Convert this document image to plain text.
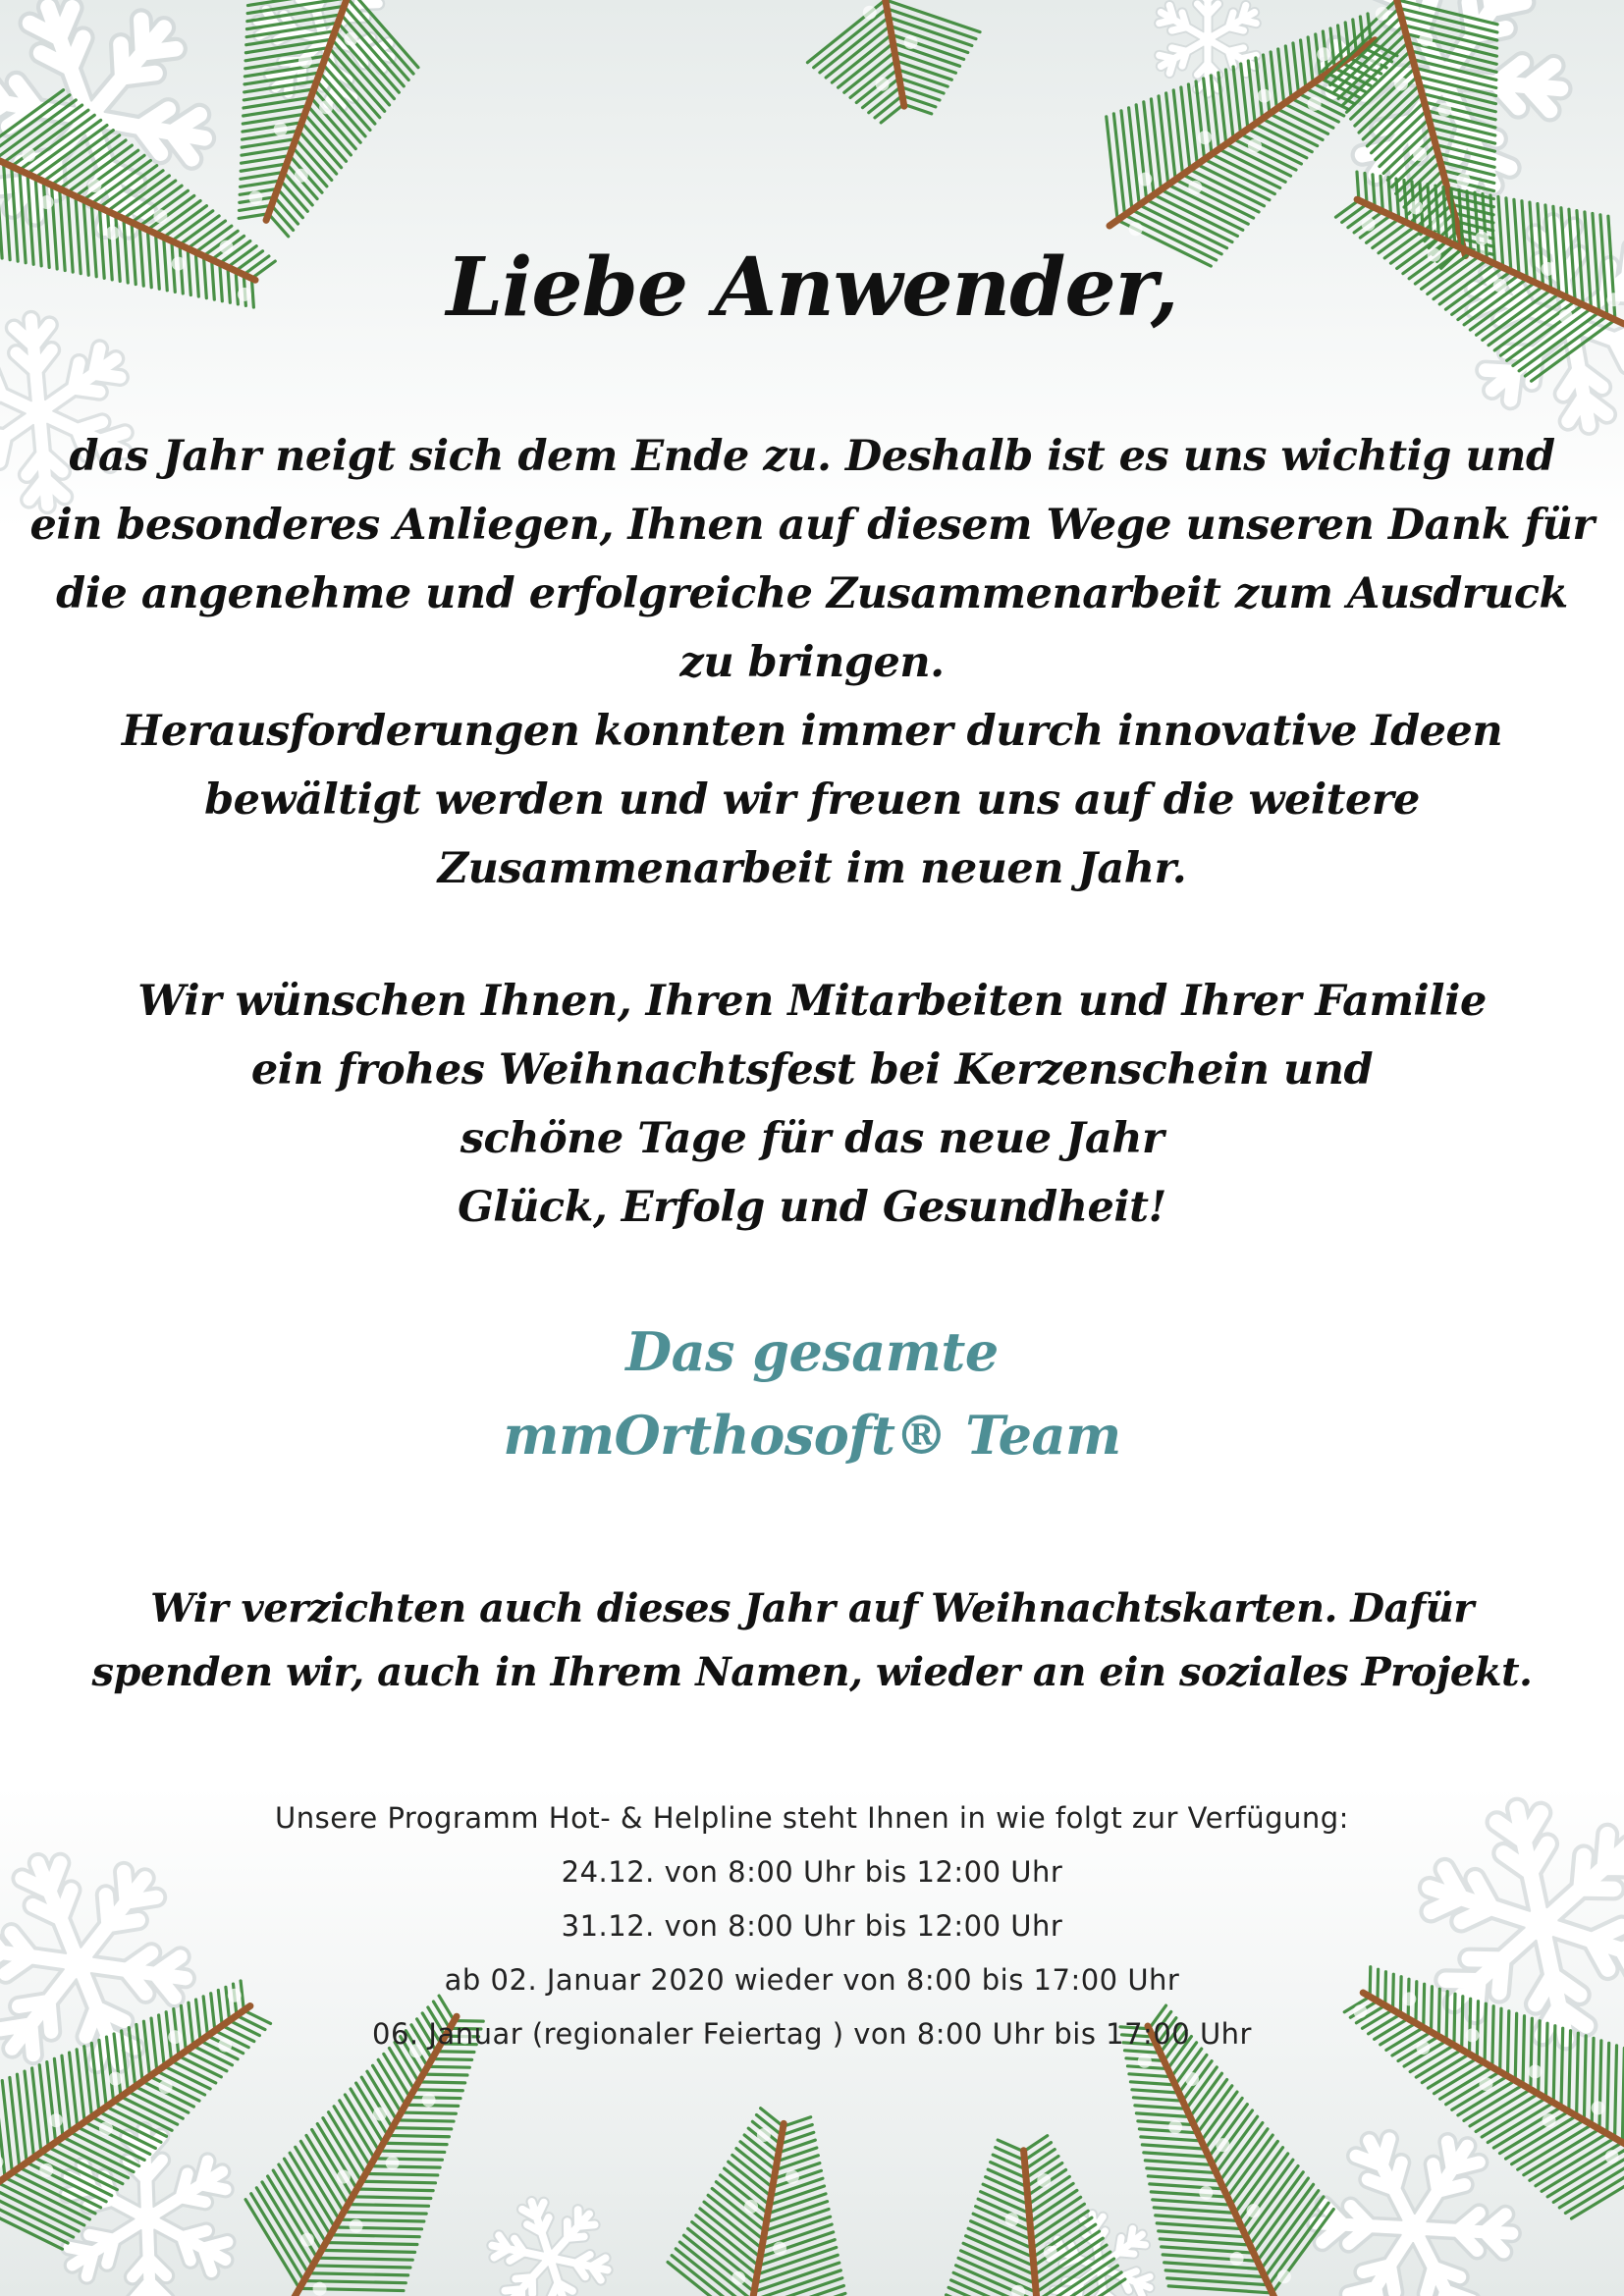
Liebe Anwender,
das Jahr neigt sich dem Ende zu. Deshalb ist es uns wichtig und
ein besonderes Anliegen, Ihnen auf diesem Wege unseren Dank für
die angenehme und erfolgreiche Zusammenarbeit zum Ausdruck
zu bringen.
Herausforderungen konnten immer durch innovative Ideen
bewältigt werden und wir freuen uns auf die weitere
Zusammenarbeit im neuen Jahr.
Wir wünschen Ihnen, Ihren Mitarbeiten und Ihrer Familie
ein frohes Weihnachtsfest bei Kerzenschein und
schöne Tage für das neue Jahr
Glück, Erfolg und Gesundheit!
Das gesamte
mmOrthosoft® Team
Wir verzichten auch dieses Jahr auf Weihnachtskarten. Dafür
spenden wir, auch in Ihrem Namen, wieder an ein soziales Projekt.
Unsere Programm Hot- & Helpline steht Ihnen in wie folgt zur Verfügung:
24.12. von 8:00 Uhr bis 12:00 Uhr
31.12. von 8:00 Uhr bis 12:00 Uhr
ab 02. Januar 2020 wieder von 8:00 bis 17:00 Uhr
06. Januar (regionaler Feiertag ) von 8:00 Uhr bis 17:00 Uhr
